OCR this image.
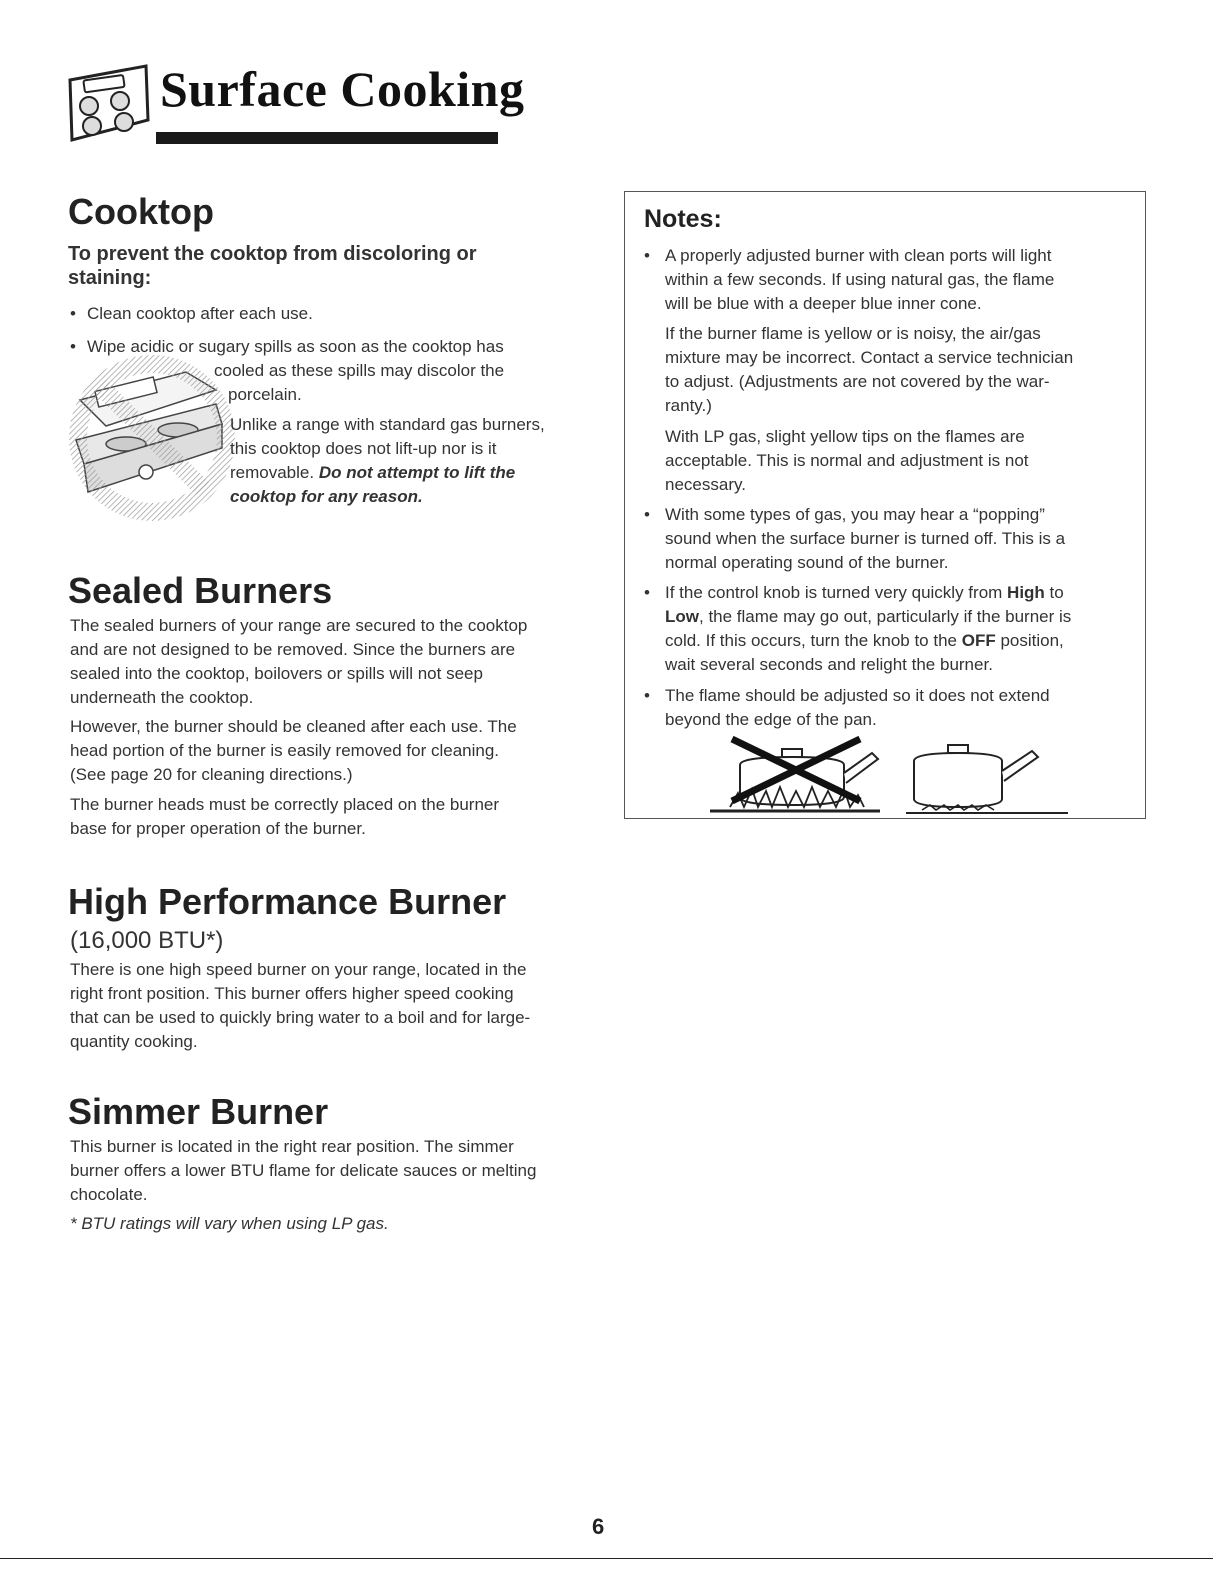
Surface Cooking
Cooktop
To prevent the cooktop from discoloring or
staining:
• Clean cooktop after each use.
• Wipe acidic or sugary spills as soon as the cooktop has
cooled as these spills may discolor the
porcelain.
Unlike a range with standard gas burners,
this cooktop does not lift-up nor is it
removable. Do not attempt to lift the
cooktop for any reason.
Sealed Burners
The sealed burners of your range are secured to the cooktop
and are not designed to be removed. Since the burners are
sealed into the cooktop, boilovers or spills will not seep
underneath the cooktop.
However, the burner should be cleaned after each use. The
head portion of the burner is easily removed for cleaning.
(See page 20 for cleaning directions.)
The burner heads must be correctly placed on the burner
base for proper operation of the burner.
High Performance Burner
(16,000 BTU*)
There is one high speed burner on your range, located in the
right front position. This burner offers higher speed cooking
that can be used to quickly bring water to a boil and for large-
quantity cooking.
Simmer Burner
This burner is located in the right rear position. The simmer
burner offers a lower BTU flame for delicate sauces or melting
chocolate.
* BTU ratings will vary when using LP gas.
Notes:
• A properly adjusted burner with clean ports will light
within a few seconds. If using natural gas, the flame
will be blue with a deeper blue inner cone.
If the burner flame is yellow or is noisy, the air/gas
mixture may be incorrect. Contact a service technician
to adjust. (Adjustments are not covered by the war-
ranty.)
With LP gas, slight yellow tips on the flames are
acceptable. This is normal and adjustment is not
necessary.
• With some types of gas, you may hear a “popping”
sound when the surface burner is turned off. This is a
normal operating sound of the burner.
• If the control knob is turned very quickly from High to
Low, the flame may go out, particularly if the burner is
cold. If this occurs, turn the knob to the OFF position,
wait several seconds and relight the burner.
• The flame should be adjusted so it does not extend
beyond the edge of the pan.
6
